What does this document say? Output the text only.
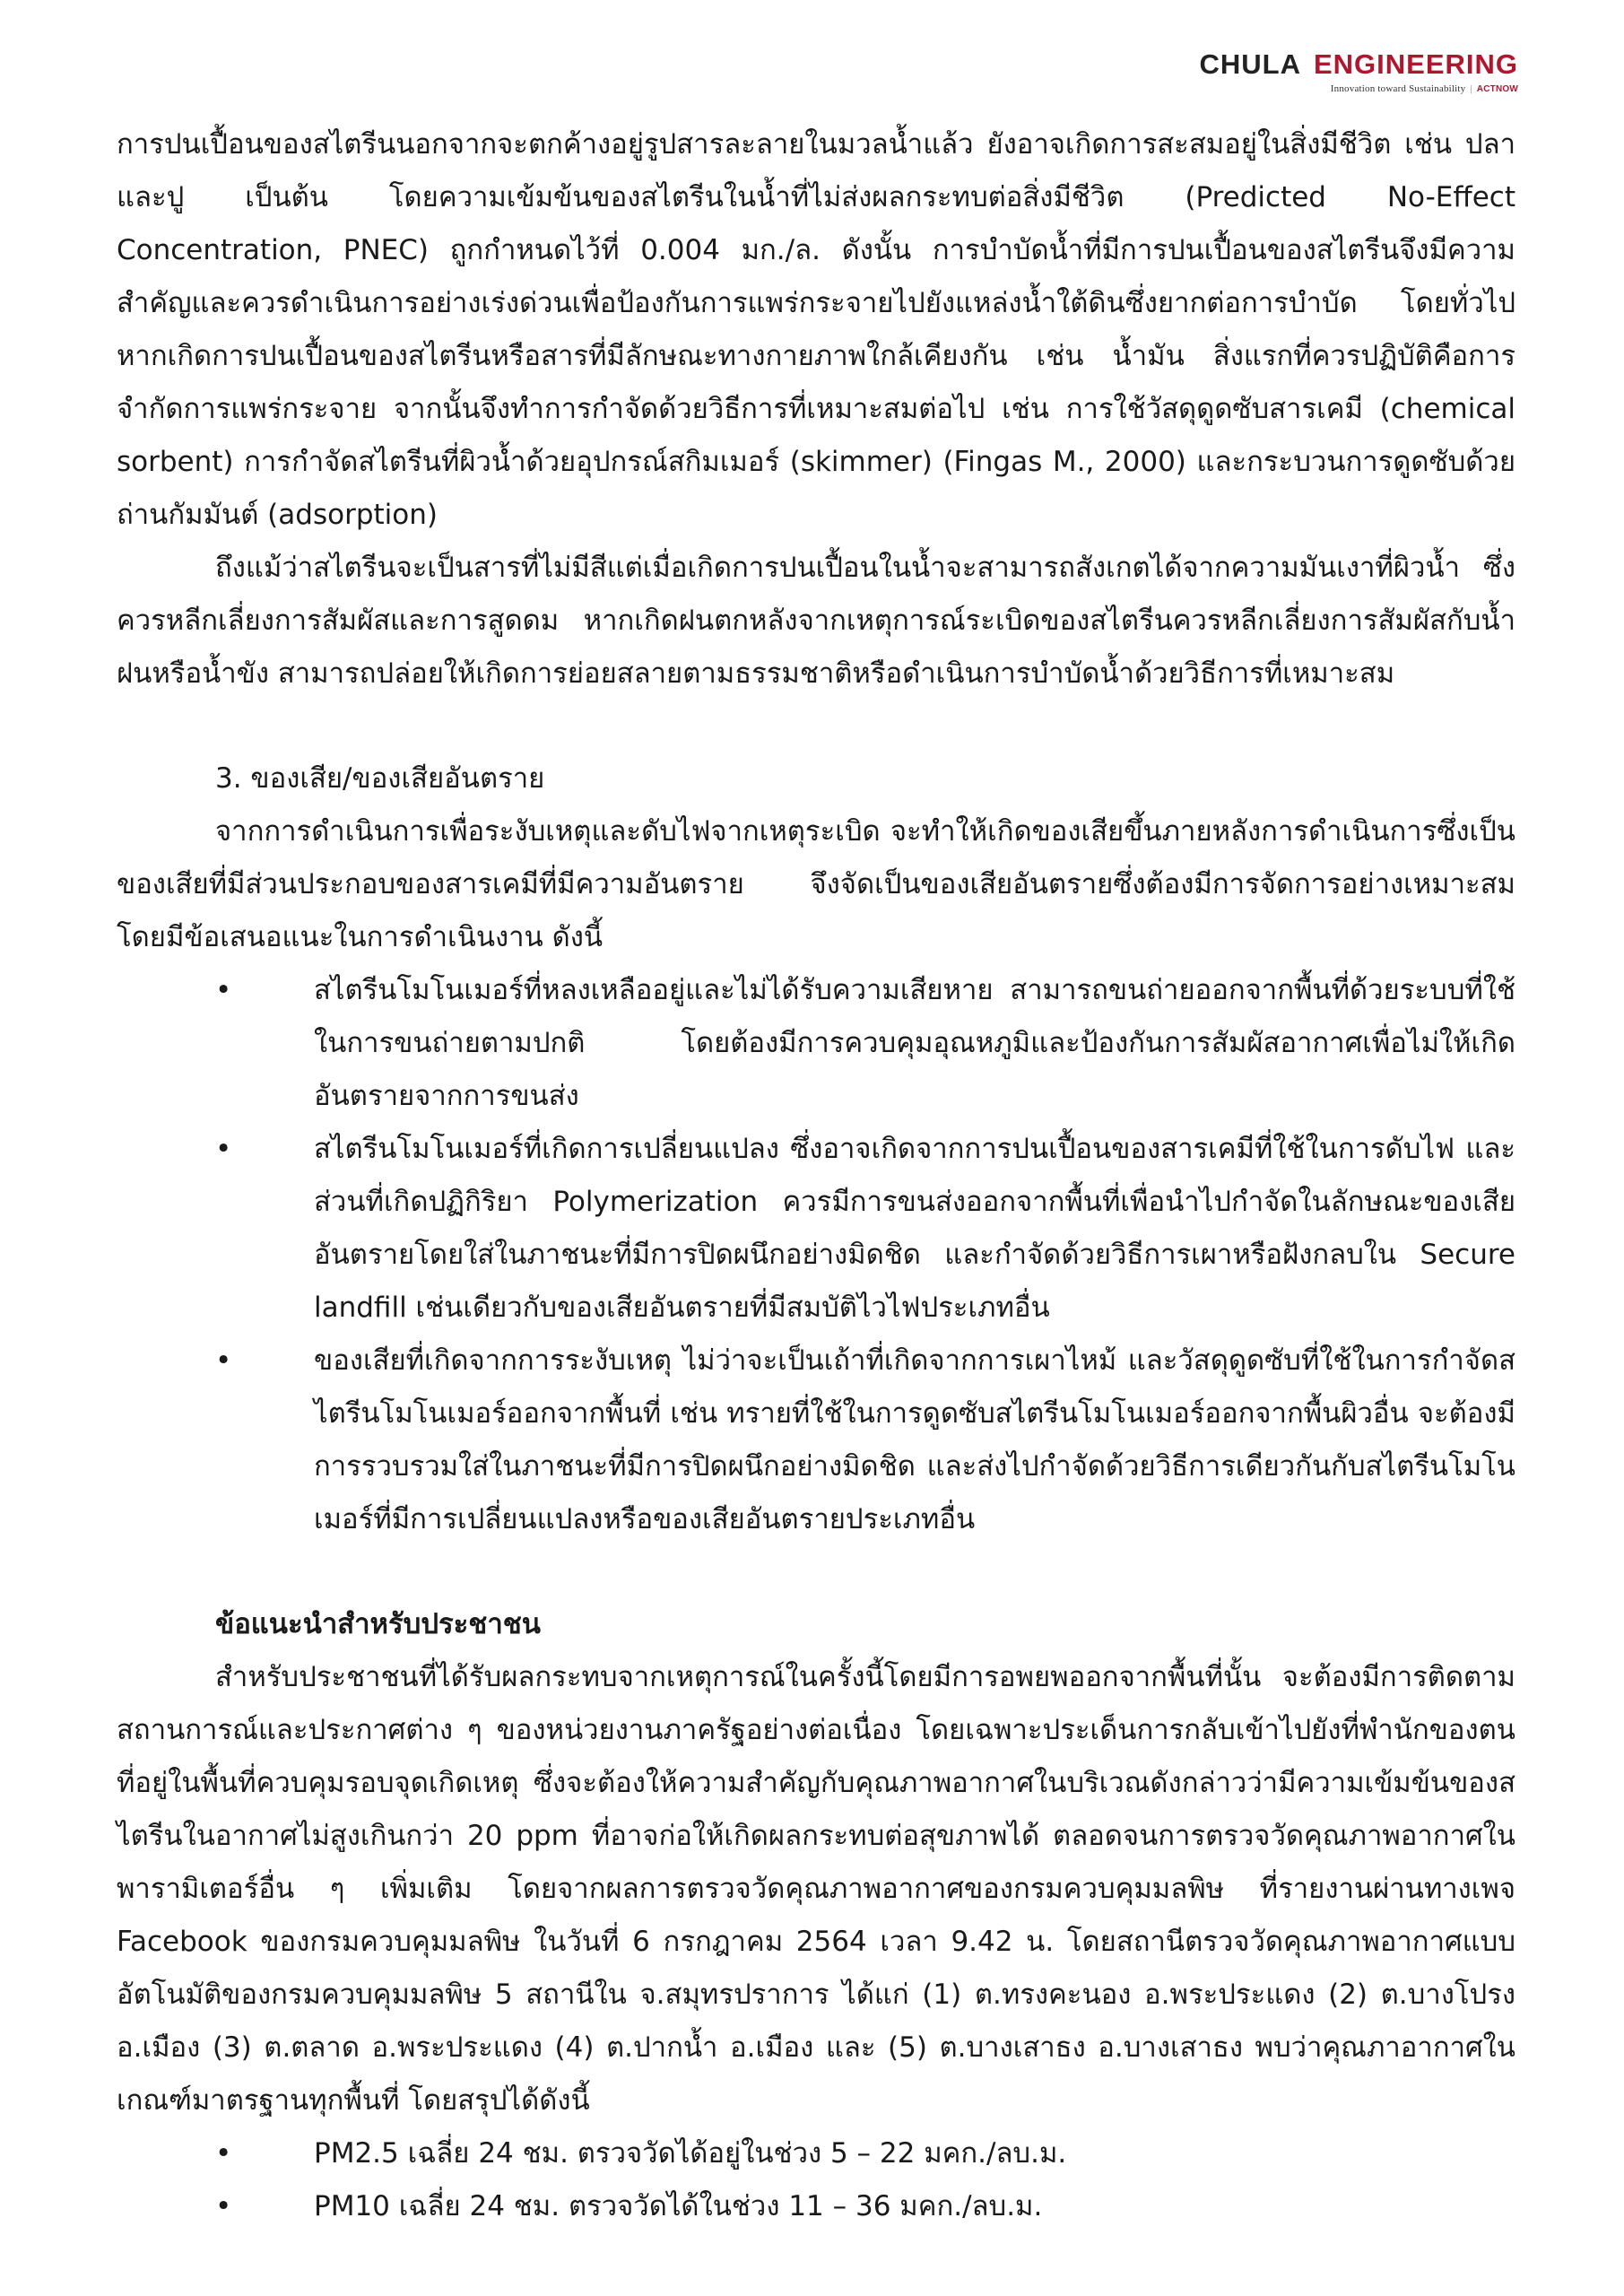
CHULA ENGINEERING
Innovation toward Sustainability | ACTNOW

การปนเปื้อนของสไตรีนนอกจากจะตกค้างอยู่รูปสารละลายในมวลน้ำแล้ว ยังอาจเกิดการสะสมอยู่ในสิ่งมีชีวิต เช่น ปลา และปู เป็นต้น โดยความเข้มข้นของสไตรีนในน้ำที่ไม่ส่งผลกระทบต่อสิ่งมีชีวิต (Predicted No-Effect Concentration, PNEC) ถูกกำหนดไว้ที่ 0.004 มก./ล. ดังนั้น การบำบัดน้ำที่มีการปนเปื้อนของสไตรีนจึงมีความสำคัญและควรดำเนินการอย่างเร่งด่วนเพื่อป้องกันการแพร่กระจายไปยังแหล่งน้ำใต้ดินซึ่งยากต่อการบำบัด โดยทั่วไปหากเกิดการปนเปื้อนของสไตรีนหรือสารที่มีลักษณะทางกายภาพใกล้เคียงกัน เช่น น้ำมัน สิ่งแรกที่ควรปฏิบัติคือการจำกัดการแพร่กระจาย จากนั้นจึงทำการกำจัดด้วยวิธีการที่เหมาะสมต่อไป เช่น การใช้วัสดุดูดซับสารเคมี (chemical sorbent) การกำจัดสไตรีนที่ผิวน้ำด้วยอุปกรณ์สกิมเมอร์ (skimmer) (Fingas M., 2000) และกระบวนการดูดซับด้วยถ่านกัมมันต์ (adsorption)

ถึงแม้ว่าสไตรีนจะเป็นสารที่ไม่มีสีแต่เมื่อเกิดการปนเปื้อนในน้ำจะสามารถสังเกตได้จากความมันเงาที่ผิวน้ำ ซึ่งควรหลีกเลี่ยงการสัมผัสและการสูดดม หากเกิดฝนตกหลังจากเหตุการณ์ระเบิดของสไตรีนควรหลีกเลี่ยงการสัมผัสกับน้ำฝนหรือน้ำขัง สามารถปล่อยให้เกิดการย่อยสลายตามธรรมชาติหรือดำเนินการบำบัดน้ำด้วยวิธีการที่เหมาะสม

3. ของเสีย/ของเสียอันตราย

จากการดำเนินการเพื่อระงับเหตุและดับไฟจากเหตุระเบิด จะทำให้เกิดของเสียขึ้นภายหลังการดำเนินการซึ่งเป็นของเสียที่มีส่วนประกอบของสารเคมีที่มีความอันตราย จึงจัดเป็นของเสียอันตรายซึ่งต้องมีการจัดการอย่างเหมาะสม โดยมีข้อเสนอแนะในการดำเนินงาน ดังนี้

•	สไตรีนโมโนเมอร์ที่หลงเหลืออยู่และไม่ได้รับความเสียหาย สามารถขนถ่ายออกจากพื้นที่ด้วยระบบที่ใช้ในการขนถ่ายตามปกติ โดยต้องมีการควบคุมอุณหภูมิและป้องกันการสัมผัสอากาศเพื่อไม่ให้เกิดอันตรายจากการขนส่ง
•	สไตรีนโมโนเมอร์ที่เกิดการเปลี่ยนแปลง ซึ่งอาจเกิดจากการปนเปื้อนของสารเคมีที่ใช้ในการดับไฟ และส่วนที่เกิดปฏิกิริยา Polymerization ควรมีการขนส่งออกจากพื้นที่เพื่อนำไปกำจัดในลักษณะของเสียอันตรายโดยใส่ในภาชนะที่มีการปิดผนึกอย่างมิดชิด และกำจัดด้วยวิธีการเผาหรือฝังกลบใน Secure landfill เช่นเดียวกับของเสียอันตรายที่มีสมบัติไวไฟประเภทอื่น
•	ของเสียที่เกิดจากการระงับเหตุ ไม่ว่าจะเป็นเถ้าที่เกิดจากการเผาไหม้ และวัสดุดูดซับที่ใช้ในการกำจัดสไตรีนโมโนเมอร์ออกจากพื้นที่ เช่น ทรายที่ใช้ในการดูดซับสไตรีนโมโนเมอร์ออกจากพื้นผิวอื่น จะต้องมีการรวบรวมใส่ในภาชนะที่มีการปิดผนึกอย่างมิดชิด และส่งไปกำจัดด้วยวิธีการเดียวกันกับสไตรีนโมโนเมอร์ที่มีการเปลี่ยนแปลงหรือของเสียอันตรายประเภทอื่น

ข้อแนะนำสำหรับประชาชน

สำหรับประชาชนที่ได้รับผลกระทบจากเหตุการณ์ในครั้งนี้โดยมีการอพยพออกจากพื้นที่นั้น จะต้องมีการติดตามสถานการณ์และประกาศต่าง ๆ ของหน่วยงานภาครัฐอย่างต่อเนื่อง โดยเฉพาะประเด็นการกลับเข้าไปยังที่พำนักของตนที่อยู่ในพื้นที่ควบคุมรอบจุดเกิดเหตุ ซึ่งจะต้องให้ความสำคัญกับคุณภาพอากาศในบริเวณดังกล่าวว่ามีความเข้มข้นของสไตรีนในอากาศไม่สูงเกินกว่า 20 ppm ที่อาจก่อให้เกิดผลกระทบต่อสุขภาพได้ ตลอดจนการตรวจวัดคุณภาพอากาศในพารามิเตอร์อื่น ๆ เพิ่มเติม โดยจากผลการตรวจวัดคุณภาพอากาศของกรมควบคุมมลพิษ ที่รายงานผ่านทางเพจ Facebook ของกรมควบคุมมลพิษ ในวันที่ 6 กรกฎาคม 2564 เวลา 9.42 น. โดยสถานีตรวจวัดคุณภาพอากาศแบบอัตโนมัติของกรมควบคุมมลพิษ 5 สถานีใน จ.สมุทรปราการ ได้แก่ (1) ต.ทรงคะนอง อ.พระประแดง (2) ต.บางโปรง อ.เมือง (3) ต.ตลาด อ.พระประแดง (4) ต.ปากน้ำ อ.เมือง และ (5) ต.บางเสาธง อ.บางเสาธง พบว่าคุณภาอากาศในเกณฑ์มาตรฐานทุกพื้นที่ โดยสรุปได้ดังนี้

•	PM2.5 เฉลี่ย 24 ชม. ตรวจวัดได้อยู่ในช่วง 5 – 22 มคก./ลบ.ม.
•	PM10 เฉลี่ย 24 ชม. ตรวจวัดได้ในช่วง 11 – 36 มคก./ลบ.ม.
